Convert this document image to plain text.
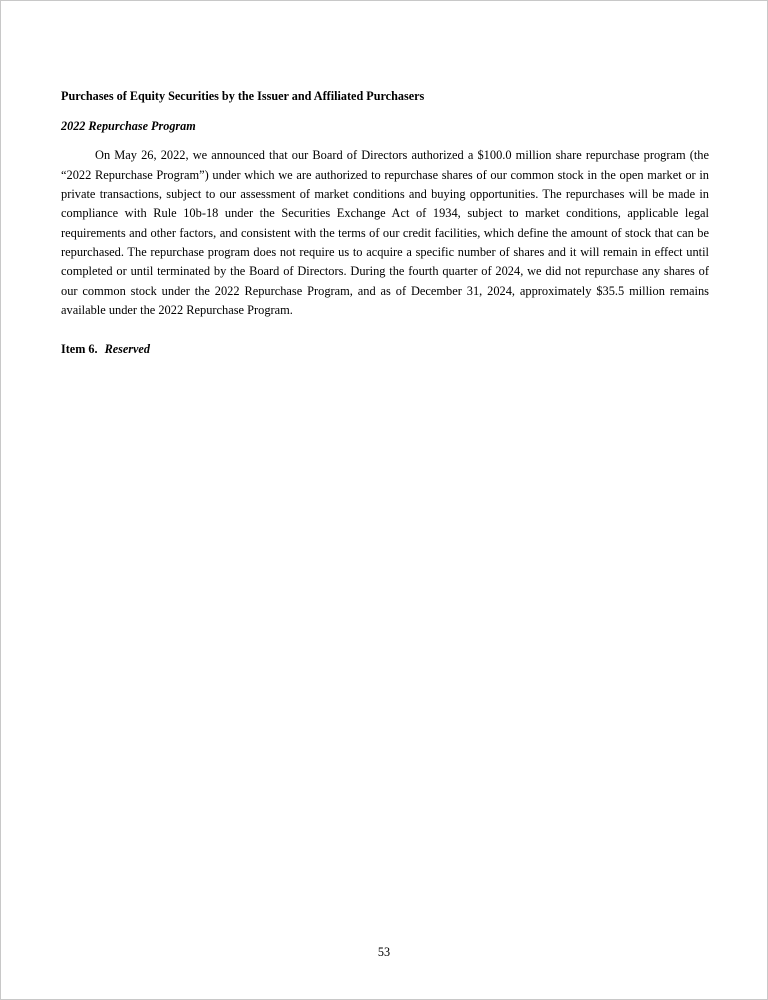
Purchases of Equity Securities by the Issuer and Affiliated Purchasers
2022 Repurchase Program

On May 26, 2022, we announced that our Board of Directors authorized a $100.0 million share repurchase program (the “2022 Repurchase Program”) under which we are authorized to repurchase shares of our common stock in the open market or in private transactions, subject to our assessment of market conditions and buying opportunities. The repurchases will be made in compliance with Rule 10b-18 under the Securities Exchange Act of 1934, subject to market conditions, applicable legal requirements and other factors, and consistent with the terms of our credit facilities, which define the amount of stock that can be repurchased. The repurchase program does not require us to acquire a specific number of shares and it will remain in effect until completed or until terminated by the Board of Directors. During the fourth quarter of 2024, we did not repurchase any shares of our common stock under the 2022 Repurchase Program, and as of December 31, 2024, approximately $35.5 million remains available under the 2022 Repurchase Program.

Item 6. Reserved
53
